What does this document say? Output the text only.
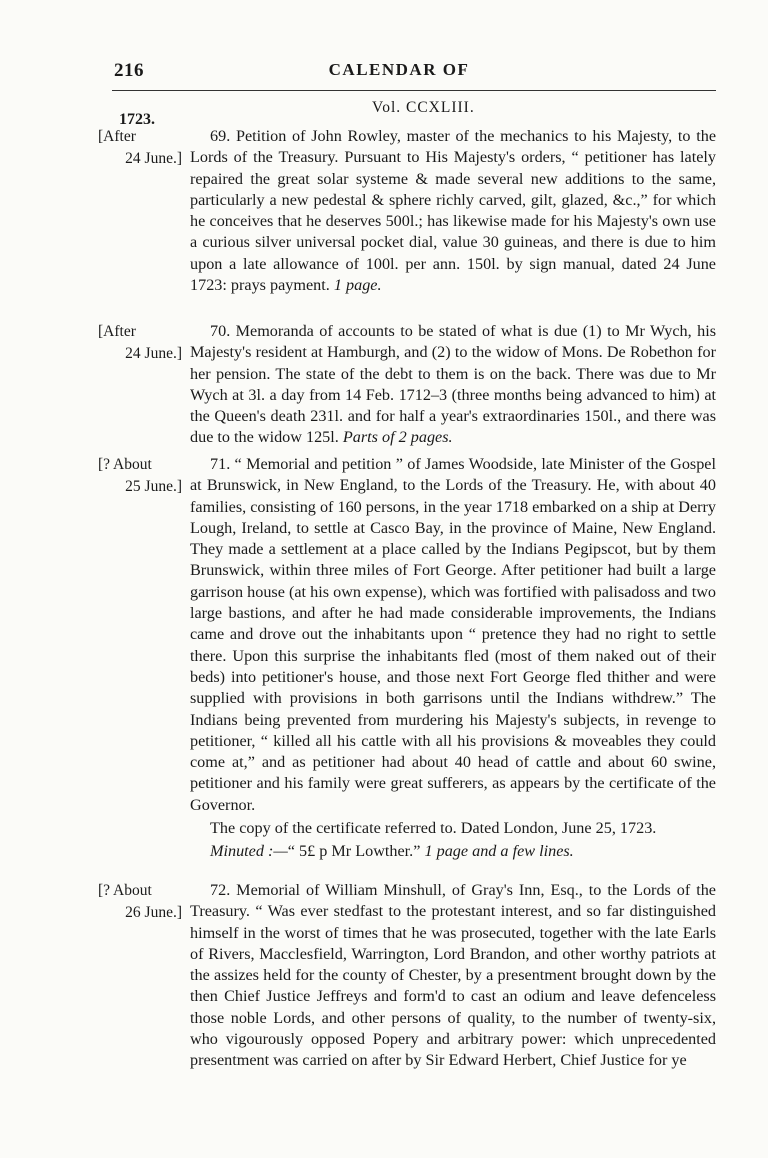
216	CALENDAR OF
Vol. CCXLIII.
1723.
[After
24 June.]

69. Petition of John Rowley, master of the mechanics to his Majesty, to the Lords of the Treasury. Pursuant to His Majesty's orders, “ petitioner has lately repaired the great solar systeme & made several new additions to the same, particularly a new pedestal & sphere richly carved, gilt, glazed, &c.,” for which he conceives that he deserves 500l.; has likewise made for his Majesty's own use a curious silver universal pocket dial, value 30 guineas, and there is due to him upon a late allowance of 100l. per ann. 150l. by sign manual, dated 24 June 1723: prays payment. 1 page.

[After
24 June.]

70. Memoranda of accounts to be stated of what is due (1) to Mr Wych, his Majesty's resident at Hamburgh, and (2) to the widow of Mons. De Robethon for her pension. The state of the debt to them is on the back. There was due to Mr Wych at 3l. a day from 14 Feb. 1712–3 (three months being advanced to him) at the Queen's death 231l. and for half a year's extraordinaries 150l., and there was due to the widow 125l. Parts of 2 pages.

[? About
25 June.]

71. “ Memorial and petition ” of James Woodside, late Minister of the Gospel at Brunswick, in New England, to the Lords of the Treasury. He, with about 40 families, consisting of 160 persons, in the year 1718 embarked on a ship at Derry Lough, Ireland, to settle at Casco Bay, in the province of Maine, New England. They made a settlement at a place called by the Indians Pegipscot, but by them Brunswick, within three miles of Fort George. After petitioner had built a large garrison house (at his own expense), which was fortified with palisadoss and two large bastions, and after he had made considerable improvements, the Indians came and drove out the inhabitants upon “ pretence they had no right to settle there. Upon this surprise the inhabitants fled (most of them naked out of their beds) into petitioner's house, and those next Fort George fled thither and were supplied with provisions in both garrisons until the Indians withdrew.” The Indians being prevented from murdering his Majesty's subjects, in revenge to petitioner, “ killed all his cattle with all his provisions & moveables they could come at,” and as petitioner had about 40 head of cattle and about 60 swine, petitioner and his family were great sufferers, as appears by the certificate of the Governor.

The copy of the certificate referred to. Dated London, June 25, 1723.

Minuted :—“ 5£ p Mr Lowther.” 1 page and a few lines.

[? About
26 June.]

72. Memorial of William Minshull, of Gray's Inn, Esq., to the Lords of the Treasury. “ Was ever stedfast to the protestant interest, and so far distinguished himself in the worst of times that he was prosecuted, together with the late Earls of Rivers, Macclesfield, Warrington, Lord Brandon, and other worthy patriots at the assizes held for the county of Chester, by a presentment brought down by the then Chief Justice Jeffreys and form'd to cast an odium and leave defenceless those noble Lords, and other persons of quality, to the number of twenty-six, who vigourously opposed Popery and arbitrary power: which unprecedented presentment was carried on after by Sir Edward Herbert, Chief Justice for ye
